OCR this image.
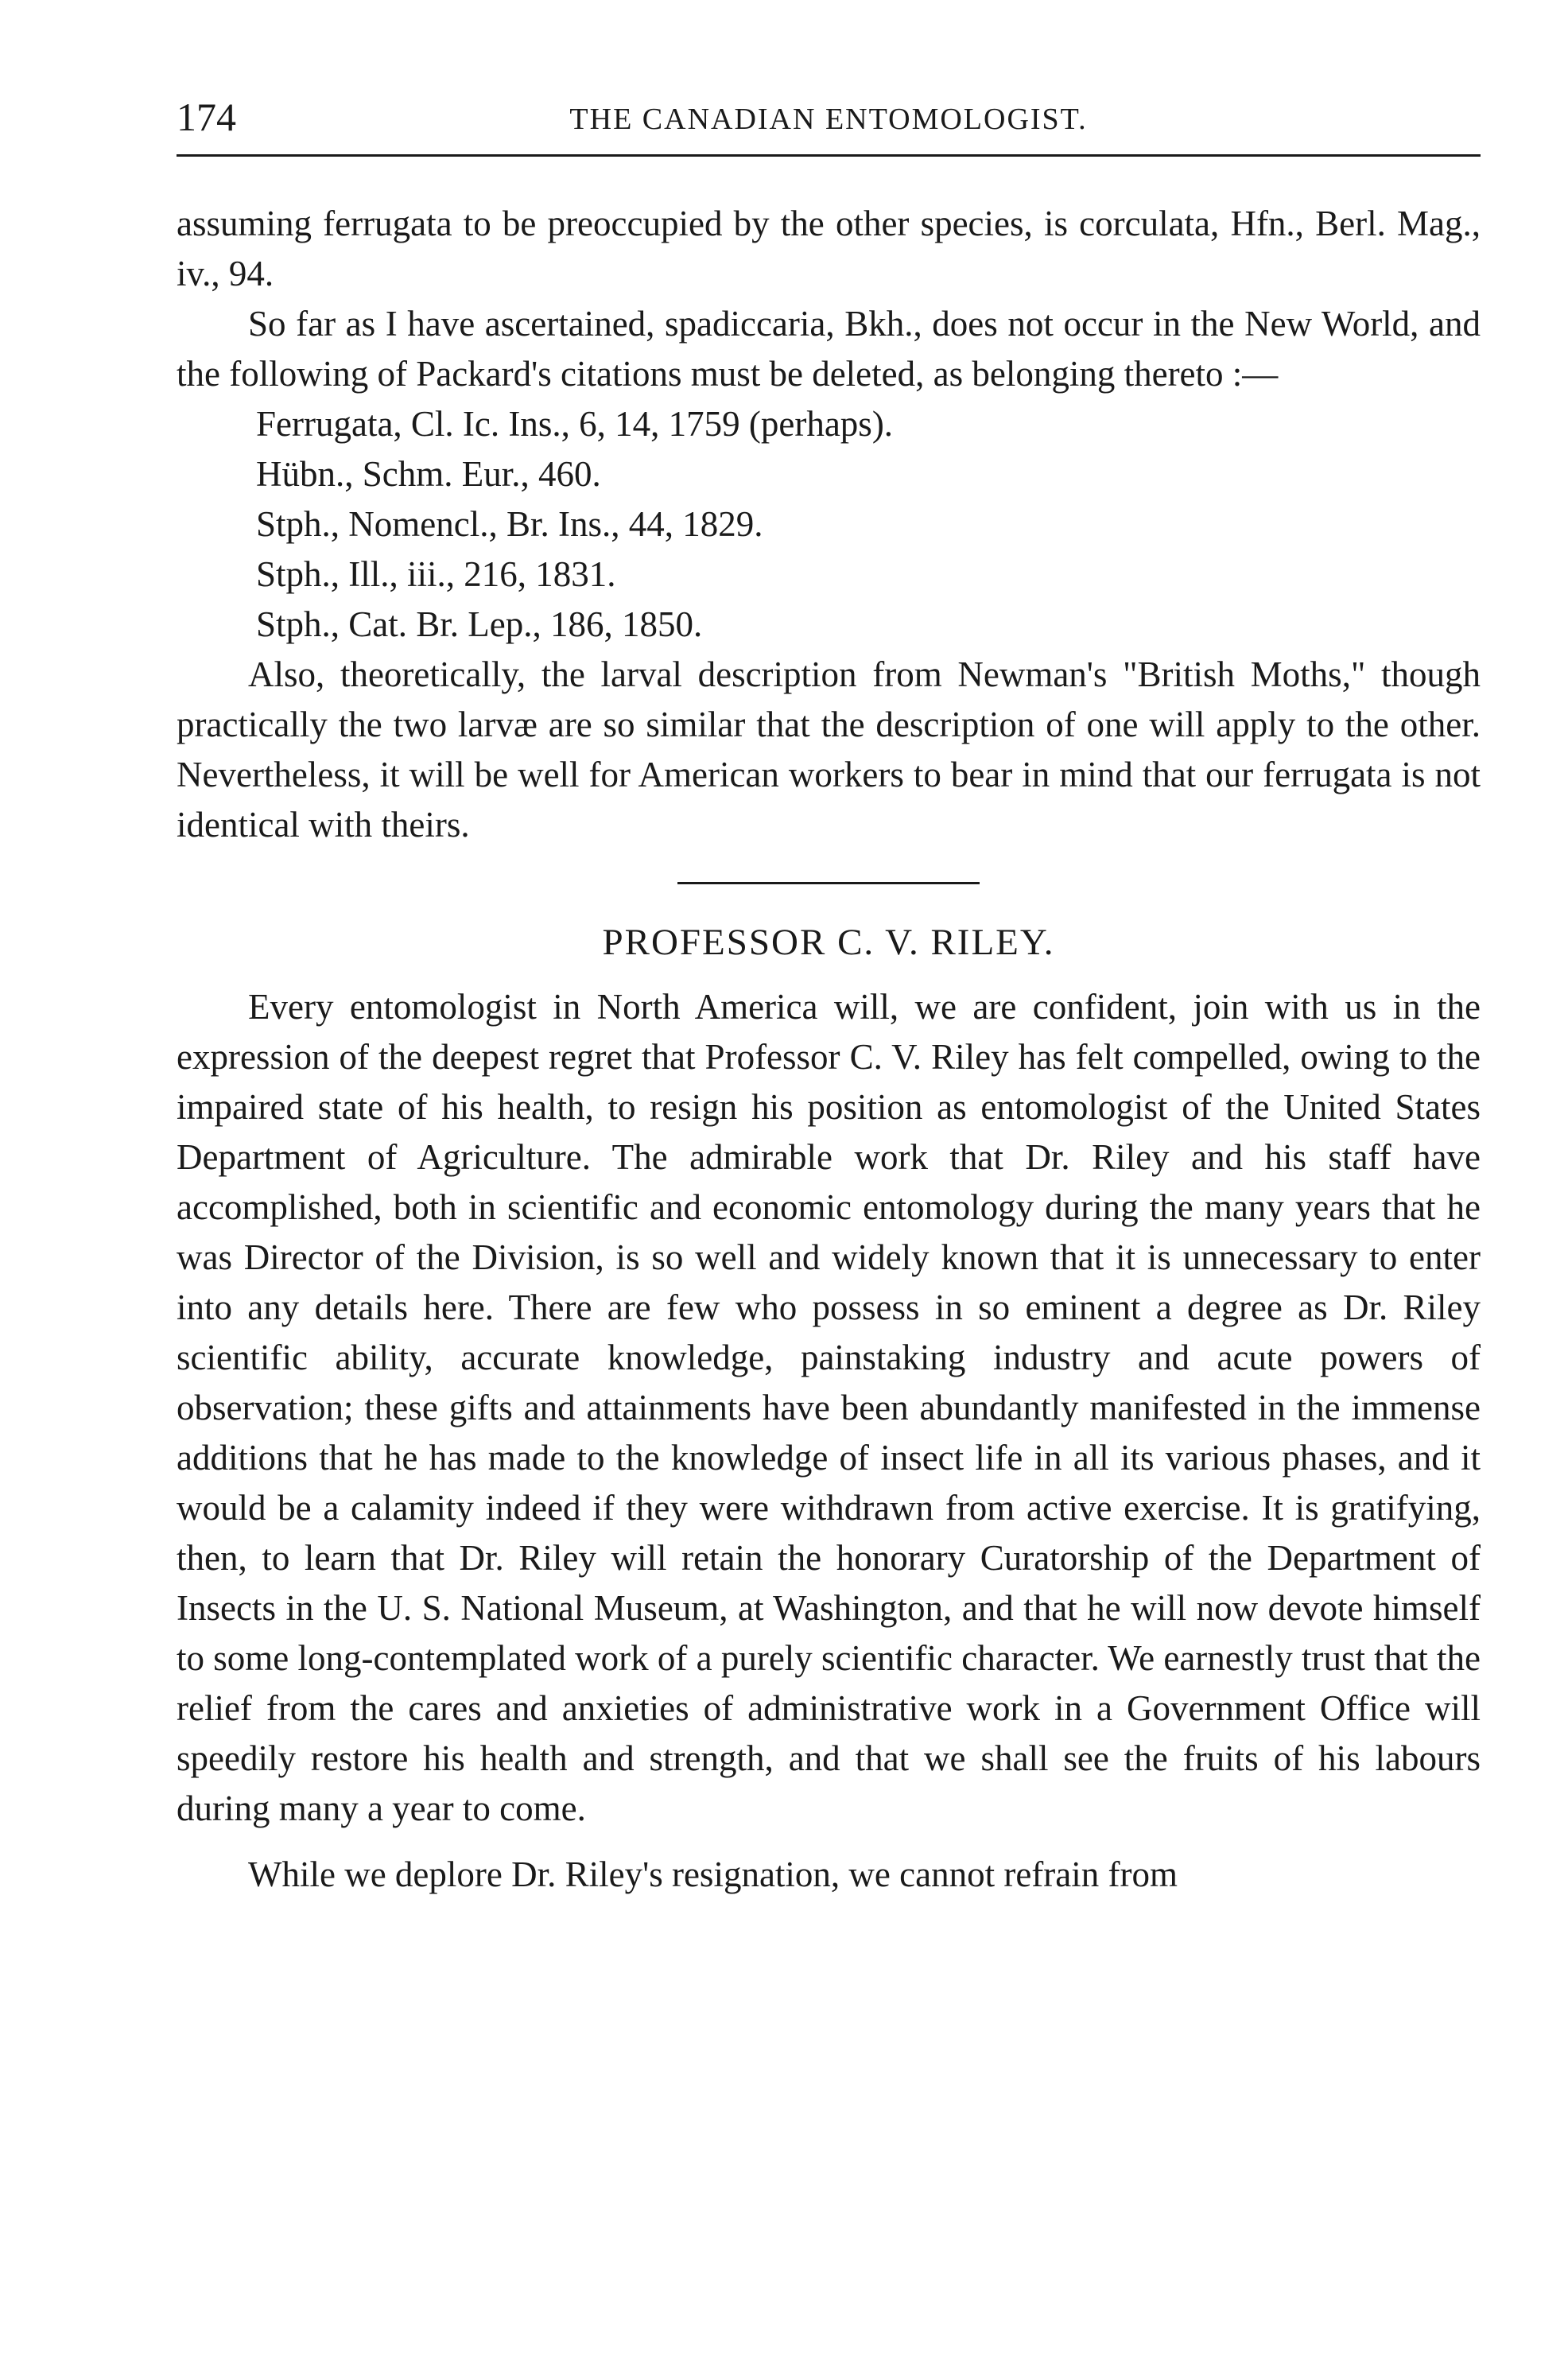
174	THE CANADIAN ENTOMOLOGIST.

assuming ferrugata to be preoccupied by the other species, is corculata, Hfn., Berl. Mag., iv., 94.

So far as I have ascertained, spadiccaria, Bkh., does not occur in the New World, and the following of Packard's citations must be deleted, as belonging thereto :—

Ferrugata, Cl. Ic. Ins., 6, 14, 1759 (perhaps).
Hübn., Schm. Eur., 460.
Stph., Nomencl., Br. Ins., 44, 1829.
Stph., Ill., iii., 216, 1831.
Stph., Cat. Br. Lep., 186, 1850.

Also, theoretically, the larval description from Newman's "British Moths," though practically the two larvæ are so similar that the description of one will apply to the other. Nevertheless, it will be well for American workers to bear in mind that our ferrugata is not identical with theirs.

PROFESSOR C. V. RILEY.

Every entomologist in North America will, we are confident, join with us in the expression of the deepest regret that Professor C. V. Riley has felt compelled, owing to the impaired state of his health, to resign his position as entomologist of the United States Department of Agriculture. The admirable work that Dr. Riley and his staff have accomplished, both in scientific and economic entomology during the many years that he was Director of the Division, is so well and widely known that it is unnecessary to enter into any details here. There are few who possess in so eminent a degree as Dr. Riley scientific ability, accurate knowledge, painstaking industry and acute powers of observation; these gifts and attainments have been abundantly manifested in the immense additions that he has made to the knowledge of insect life in all its various phases, and it would be a calamity indeed if they were withdrawn from active exercise. It is gratifying, then, to learn that Dr. Riley will retain the honorary Curatorship of the Department of Insects in the U. S. National Museum, at Washington, and that he will now devote himself to some long-contemplated work of a purely scientific character. We earnestly trust that the relief from the cares and anxieties of administrative work in a Government Office will speedily restore his health and strength, and that we shall see the fruits of his labours during many a year to come.

While we deplore Dr. Riley's resignation, we cannot refrain from
